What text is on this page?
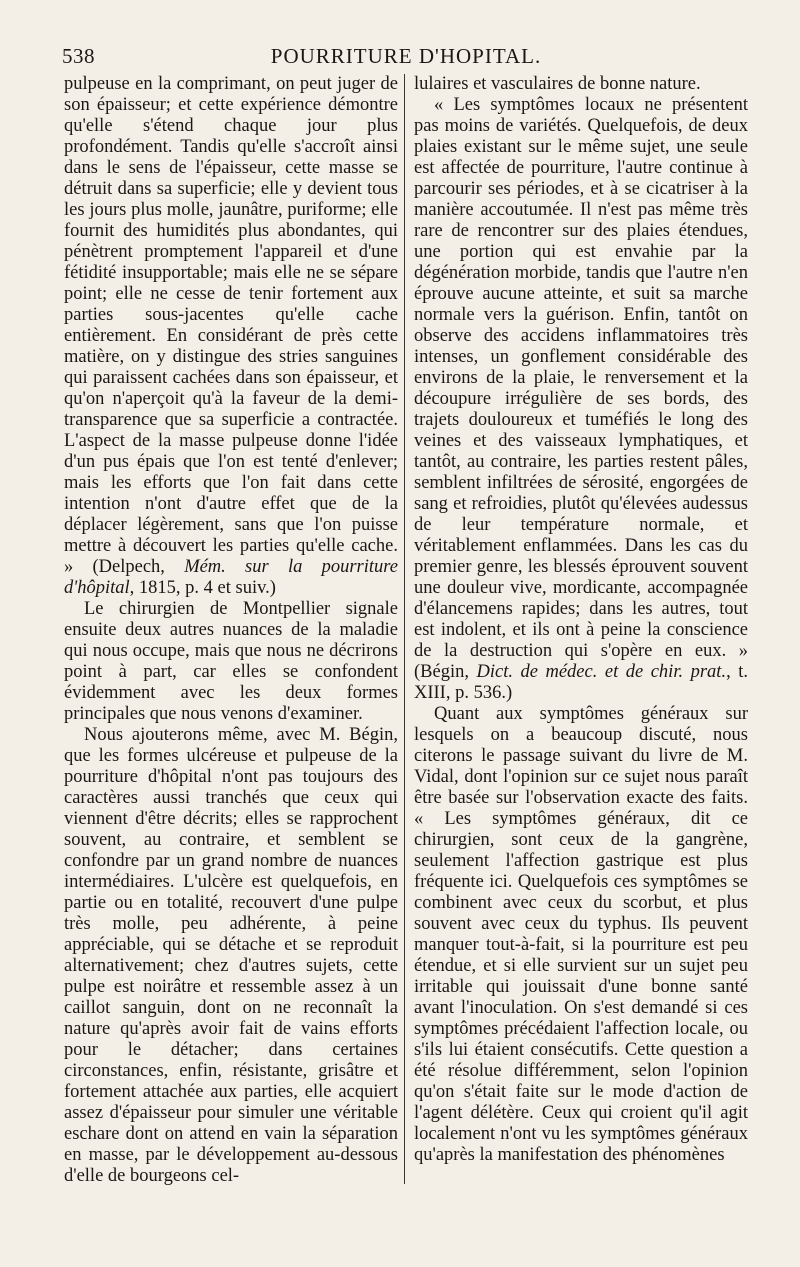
538	POURRITURE D'HOPITAL.

pulpeuse en la comprimant, on peut juger de son épaisseur; et cette expérience démontre qu'elle s'étend chaque jour plus profondément. Tandis qu'elle s'accroît ainsi dans le sens de l'épaisseur, cette masse se détruit dans sa superficie; elle y devient tous les jours plus molle, jaunâtre, puriforme; elle fournit des humidités plus abondantes, qui pénètrent promptement l'appareil et d'une fétidité insupportable; mais elle ne se sépare point; elle ne cesse de tenir fortement aux parties sous-jacentes qu'elle cache entièrement. En considérant de près cette matière, on y distingue des stries sanguines qui paraissent cachées dans son épaisseur, et qu'on n'aperçoit qu'à la faveur de la demi-transparence que sa superficie a contractée. L'aspect de la masse pulpeuse donne l'idée d'un pus épais que l'on est tenté d'enlever; mais les efforts que l'on fait dans cette intention n'ont d'autre effet que de la déplacer légèrement, sans que l'on puisse mettre à découvert les parties qu'elle cache. » (Delpech, Mém. sur la pourriture d'hôpital, 1815, p. 4 et suiv.)

Le chirurgien de Montpellier signale ensuite deux autres nuances de la maladie qui nous occupe, mais que nous ne décrirons point à part, car elles se confondent évidemment avec les deux formes principales que nous venons d'examiner.

Nous ajouterons même, avec M. Bégin, que les formes ulcéreuse et pulpeuse de la pourriture d'hôpital n'ont pas toujours des caractères aussi tranchés que ceux qui viennent d'être décrits; elles se rapprochent souvent, au contraire, et semblent se confondre par un grand nombre de nuances intermédiaires. L'ulcère est quelquefois, en partie ou en totalité, recouvert d'une pulpe très molle, peu adhérente, à peine appréciable, qui se détache et se reproduit alternativement; chez d'autres sujets, cette pulpe est noirâtre et ressemble assez à un caillot sanguin, dont on ne reconnaît la nature qu'après avoir fait de vains efforts pour le détacher; dans certaines circonstances, enfin, résistante, grisâtre et fortement attachée aux parties, elle acquiert assez d'épaisseur pour simuler une véritable eschare dont on attend en vain la séparation en masse, par le développement au-dessous d'elle de bourgeons cel-

lulaires et vasculaires de bonne nature.

« Les symptômes locaux ne présentent pas moins de variétés. Quelquefois, de deux plaies existant sur le même sujet, une seule est affectée de pourriture, l'autre continue à parcourir ses périodes, et à se cicatriser à la manière accoutumée. Il n'est pas même très rare de rencontrer sur des plaies étendues, une portion qui est envahie par la dégénération morbide, tandis que l'autre n'en éprouve aucune atteinte, et suit sa marche normale vers la guérison. Enfin, tantôt on observe des accidens inflammatoires très intenses, un gonflement considérable des environs de la plaie, le renversement et la découpure irrégulière de ses bords, des trajets douloureux et tuméfiés le long des veines et des vaisseaux lymphatiques, et tantôt, au contraire, les parties restent pâles, semblent infiltrées de sérosité, engorgées de sang et refroidies, plutôt qu'élevées audessus de leur température normale, et véritablement enflammées. Dans les cas du premier genre, les blessés éprouvent souvent une douleur vive, mordicante, accompagnée d'élancemens rapides; dans les autres, tout est indolent, et ils ont à peine la conscience de la destruction qui s'opère en eux. » (Bégin, Dict. de médec. et de chir. prat., t. XIII, p. 536.)

Quant aux symptômes généraux sur lesquels on a beaucoup discuté, nous citerons le passage suivant du livre de M. Vidal, dont l'opinion sur ce sujet nous paraît être basée sur l'observation exacte des faits. « Les symptômes généraux, dit ce chirurgien, sont ceux de la gangrène, seulement l'affection gastrique est plus fréquente ici. Quelquefois ces symptômes se combinent avec ceux du scorbut, et plus souvent avec ceux du typhus. Ils peuvent manquer tout-à-fait, si la pourriture est peu étendue, et si elle survient sur un sujet peu irritable qui jouissait d'une bonne santé avant l'inoculation. On s'est demandé si ces symptômes précédaient l'affection locale, ou s'ils lui étaient consécutifs. Cette question a été résolue différemment, selon l'opinion qu'on s'était faite sur le mode d'action de l'agent délétère. Ceux qui croient qu'il agit localement n'ont vu les symptômes généraux qu'après la manifestation des phénomènes
